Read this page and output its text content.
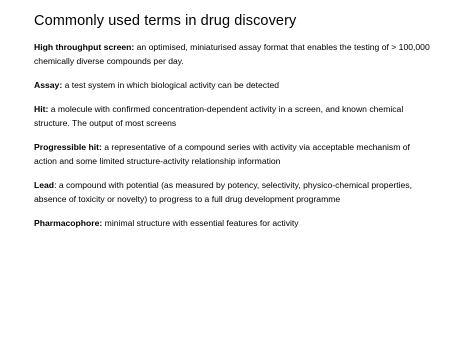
Commonly used terms in drug discovery

High throughput screen: an optimised, miniaturised assay format that enables the testing of > 100,000 chemically diverse compounds per day.

Assay: a test system in which biological activity can be detected

Hit: a molecule with confirmed concentration-dependent activity in a screen, and known chemical structure. The output of most screens

Progressible hit: a representative of a compound series with activity via acceptable mechanism of action and some limited structure-activity relationship information

Lead: a compound with potential (as measured by potency, selectivity, physico-chemical properties, absence of toxicity or novelty) to progress to a full drug development programme

Pharmacophore: minimal structure with essential features for activity
